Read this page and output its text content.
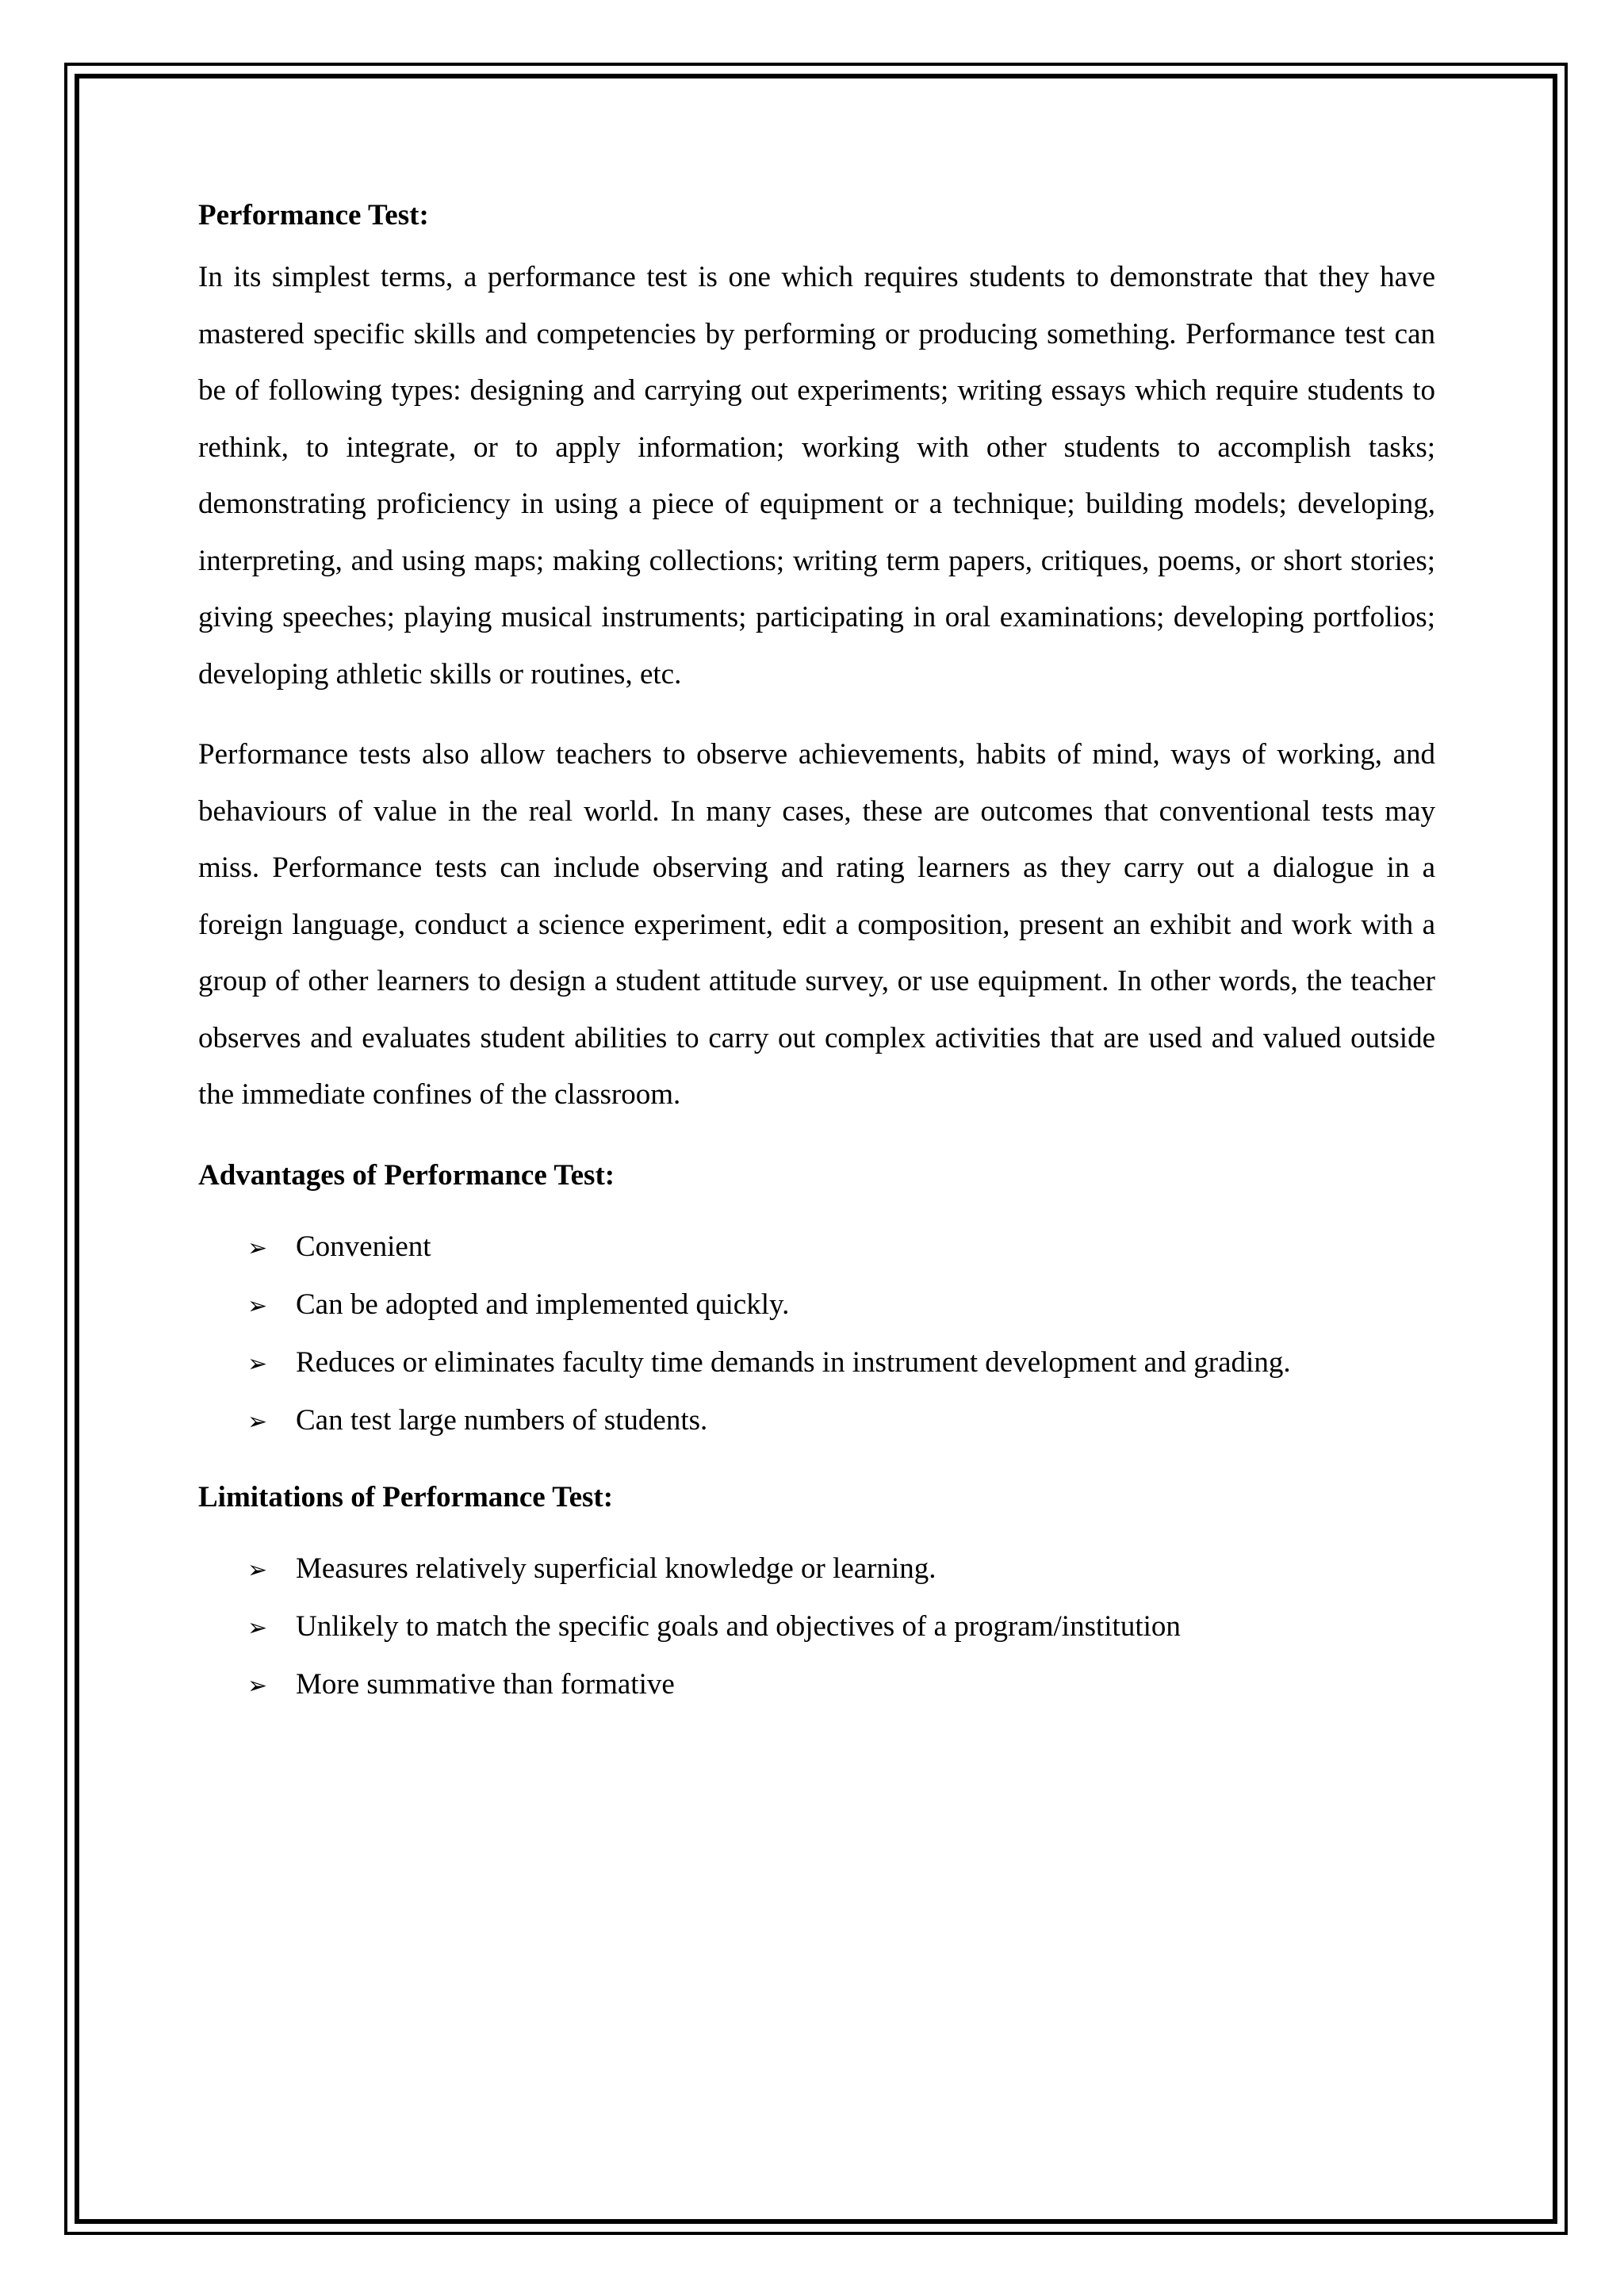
Performance Test:

In its simplest terms, a performance test is one which requires students to demonstrate that they have mastered specific skills and competencies by performing or producing something. Performance test can be of following types: designing and carrying out experiments; writing essays which require students to rethink, to integrate, or to apply information; working with other students to accomplish tasks; demonstrating proficiency in using a piece of equipment or a technique; building models; developing, interpreting, and using maps; making collections; writing term papers, critiques, poems, or short stories; giving speeches; playing musical instruments; participating in oral examinations; developing portfolios; developing athletic skills or routines, etc.

Performance tests also allow teachers to observe achievements, habits of mind, ways of working, and behaviours of value in the real world. In many cases, these are outcomes that conventional tests may miss. Performance tests can include observing and rating learners as they carry out a dialogue in a foreign language, conduct a science experiment, edit a composition, present an exhibit and work with a group of other learners to design a student attitude survey, or use equipment. In other words, the teacher observes and evaluates student abilities to carry out complex activities that are used and valued outside the immediate confines of the classroom.

Advantages of Performance Test:
➢ Convenient
➢ Can be adopted and implemented quickly.
➢ Reduces or eliminates faculty time demands in instrument development and grading.
➢ Can test large numbers of students.
Limitations of Performance Test:
➢ Measures relatively superficial knowledge or learning.
➢ Unlikely to match the specific goals and objectives of a program/institution
➢ More summative than formative
